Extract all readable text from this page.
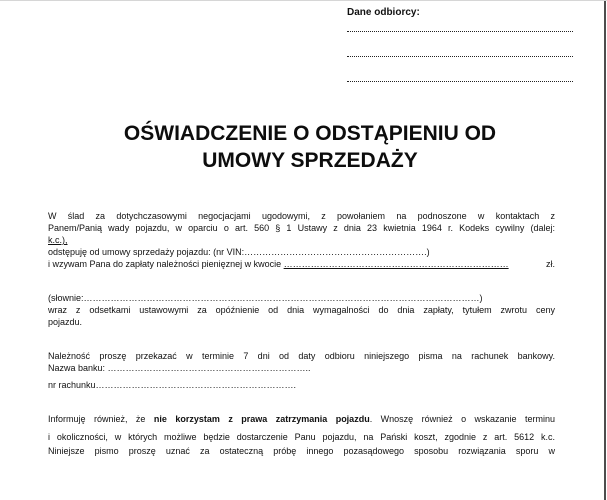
Dane odbiorcy:
OŚWIADCZENIE O ODSTĄPIENIU OD
UMOWY SPRZEDAŻY

W ślad za dotychczasowymi negocjacjami ugodowymi, z powołaniem na podnoszone w kontaktach z

Panem/Panią wady pojazdu, w oparciu o art. 560 § 1 Ustawy z dnia 23 kwietnia 1964 r. Kodeks cywilny (dalej:

k.c.),

odstępuję od umowy sprzedaży pojazdu: (nr VIN:…………………………………………………….)

i wzywam Pana do zapłaty należności pienięznej w kwocie …………………………………………………………………	zł.

(słownie:……………………………………………………………………………………………………………………)

wraz z odsetkami ustawowymi za opóźnienie od dnia wymagalności do dnia zapłaty, tytułem zwrotu ceny

pojazdu.

Należność proszę przekazać w terminie 7 dni od daty odbioru niniejszego pisma na rachunek bankowy.

Nazwa banku: …………………………………………………………..

nr rachunku………………………………………………………….

Informuję również, że nie korzystam z prawa zatrzymania pojazdu. Wnoszę również o wskazanie terminu

i okoliczności, w których możliwe będzie dostarczenie Panu pojazdu, na Pański koszt, zgodnie z art. 5612 k.c.

Niniejsze pismo proszę uznać za ostateczną próbę innego pozasądowego sposobu rozwiązania sporu w
